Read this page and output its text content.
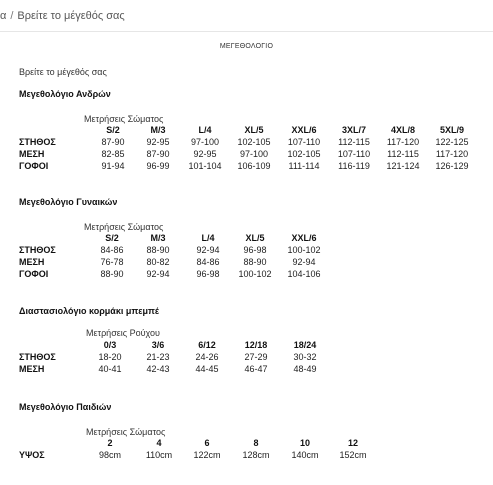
α / Βρείτε το μέγεθός σας
ΜΕΓΕΘΟΛΟΓΙΟ
Βρείτε το μέγεθός σας
Μεγεθολόγιο Ανδρών
Μετρήσεις Σώματος
S/2	M/3	L/4	XL/5	XXL/6	3XL/7	4XL/8	5XL/9
ΣΤΗΘΟΣ	87-90	92-95	97-100	102-105	107-110	112-115	117-120	122-125
ΜΕΣΗ	82-85	87-90	92-95	97-100	102-105	107-110	112-115	117-120
ΓΟΦΟΙ	91-94	96-99	101-104	106-109	111-114	116-119	121-124	126-129
Μεγεθολόγιο Γυναικών
Μετρήσεις Σώματος
S/2	M/3	L/4	XL/5	XXL/6
ΣΤΗΘΟΣ	84-86	88-90	92-94	96-98	100-102
ΜΕΣΗ	76-78	80-82	84-86	88-90	92-94
ΓΟΦΟΙ	88-90	92-94	96-98	100-102	104-106
Διαστασιολόγιο κορμάκι μπεμπέ
Μετρήσεις Ρούχου
0/3	3/6	6/12	12/18	18/24
ΣΤΗΘΟΣ	18-20	21-23	24-26	27-29	30-32
ΜΕΣΗ	40-41	42-43	44-45	46-47	48-49
Μεγεθολόγιο Παιδιών
Μετρήσεις Σώματος
2	4	6	8	10	12
ΥΨΟΣ	98cm	110cm	122cm	128cm	140cm	152cm
